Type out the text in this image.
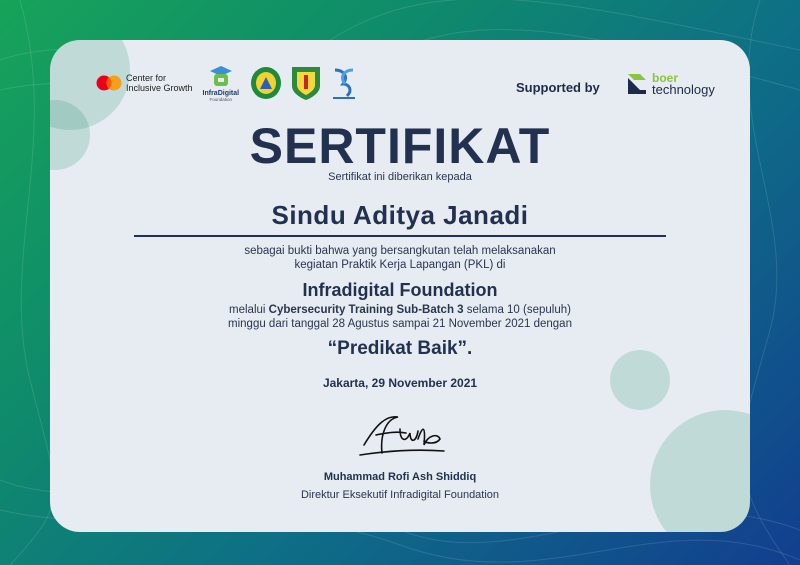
Center for
Inclusive Growth InfraDigital
Foundation
Supported by
boer
technology
SERTIFIKAT
Sertifikat ini diberikan kepada
Sindu Aditya Janadi
sebagai bukti bahwa yang bersangkutan telah melaksanakan
kegiatan Praktik Kerja Lapangan (PKL) di
Infradigital Foundation
melalui Cybersecurity Training Sub-Batch 3 selama 10 (sepuluh)
minggu dari tanggal 28 Agustus sampai 21 November 2021 dengan
“Predikat Baik”.
Jakarta, 29 November 2021
Muhammad Rofi Ash Shiddiq
Direktur Eksekutif Infradigital Foundation
